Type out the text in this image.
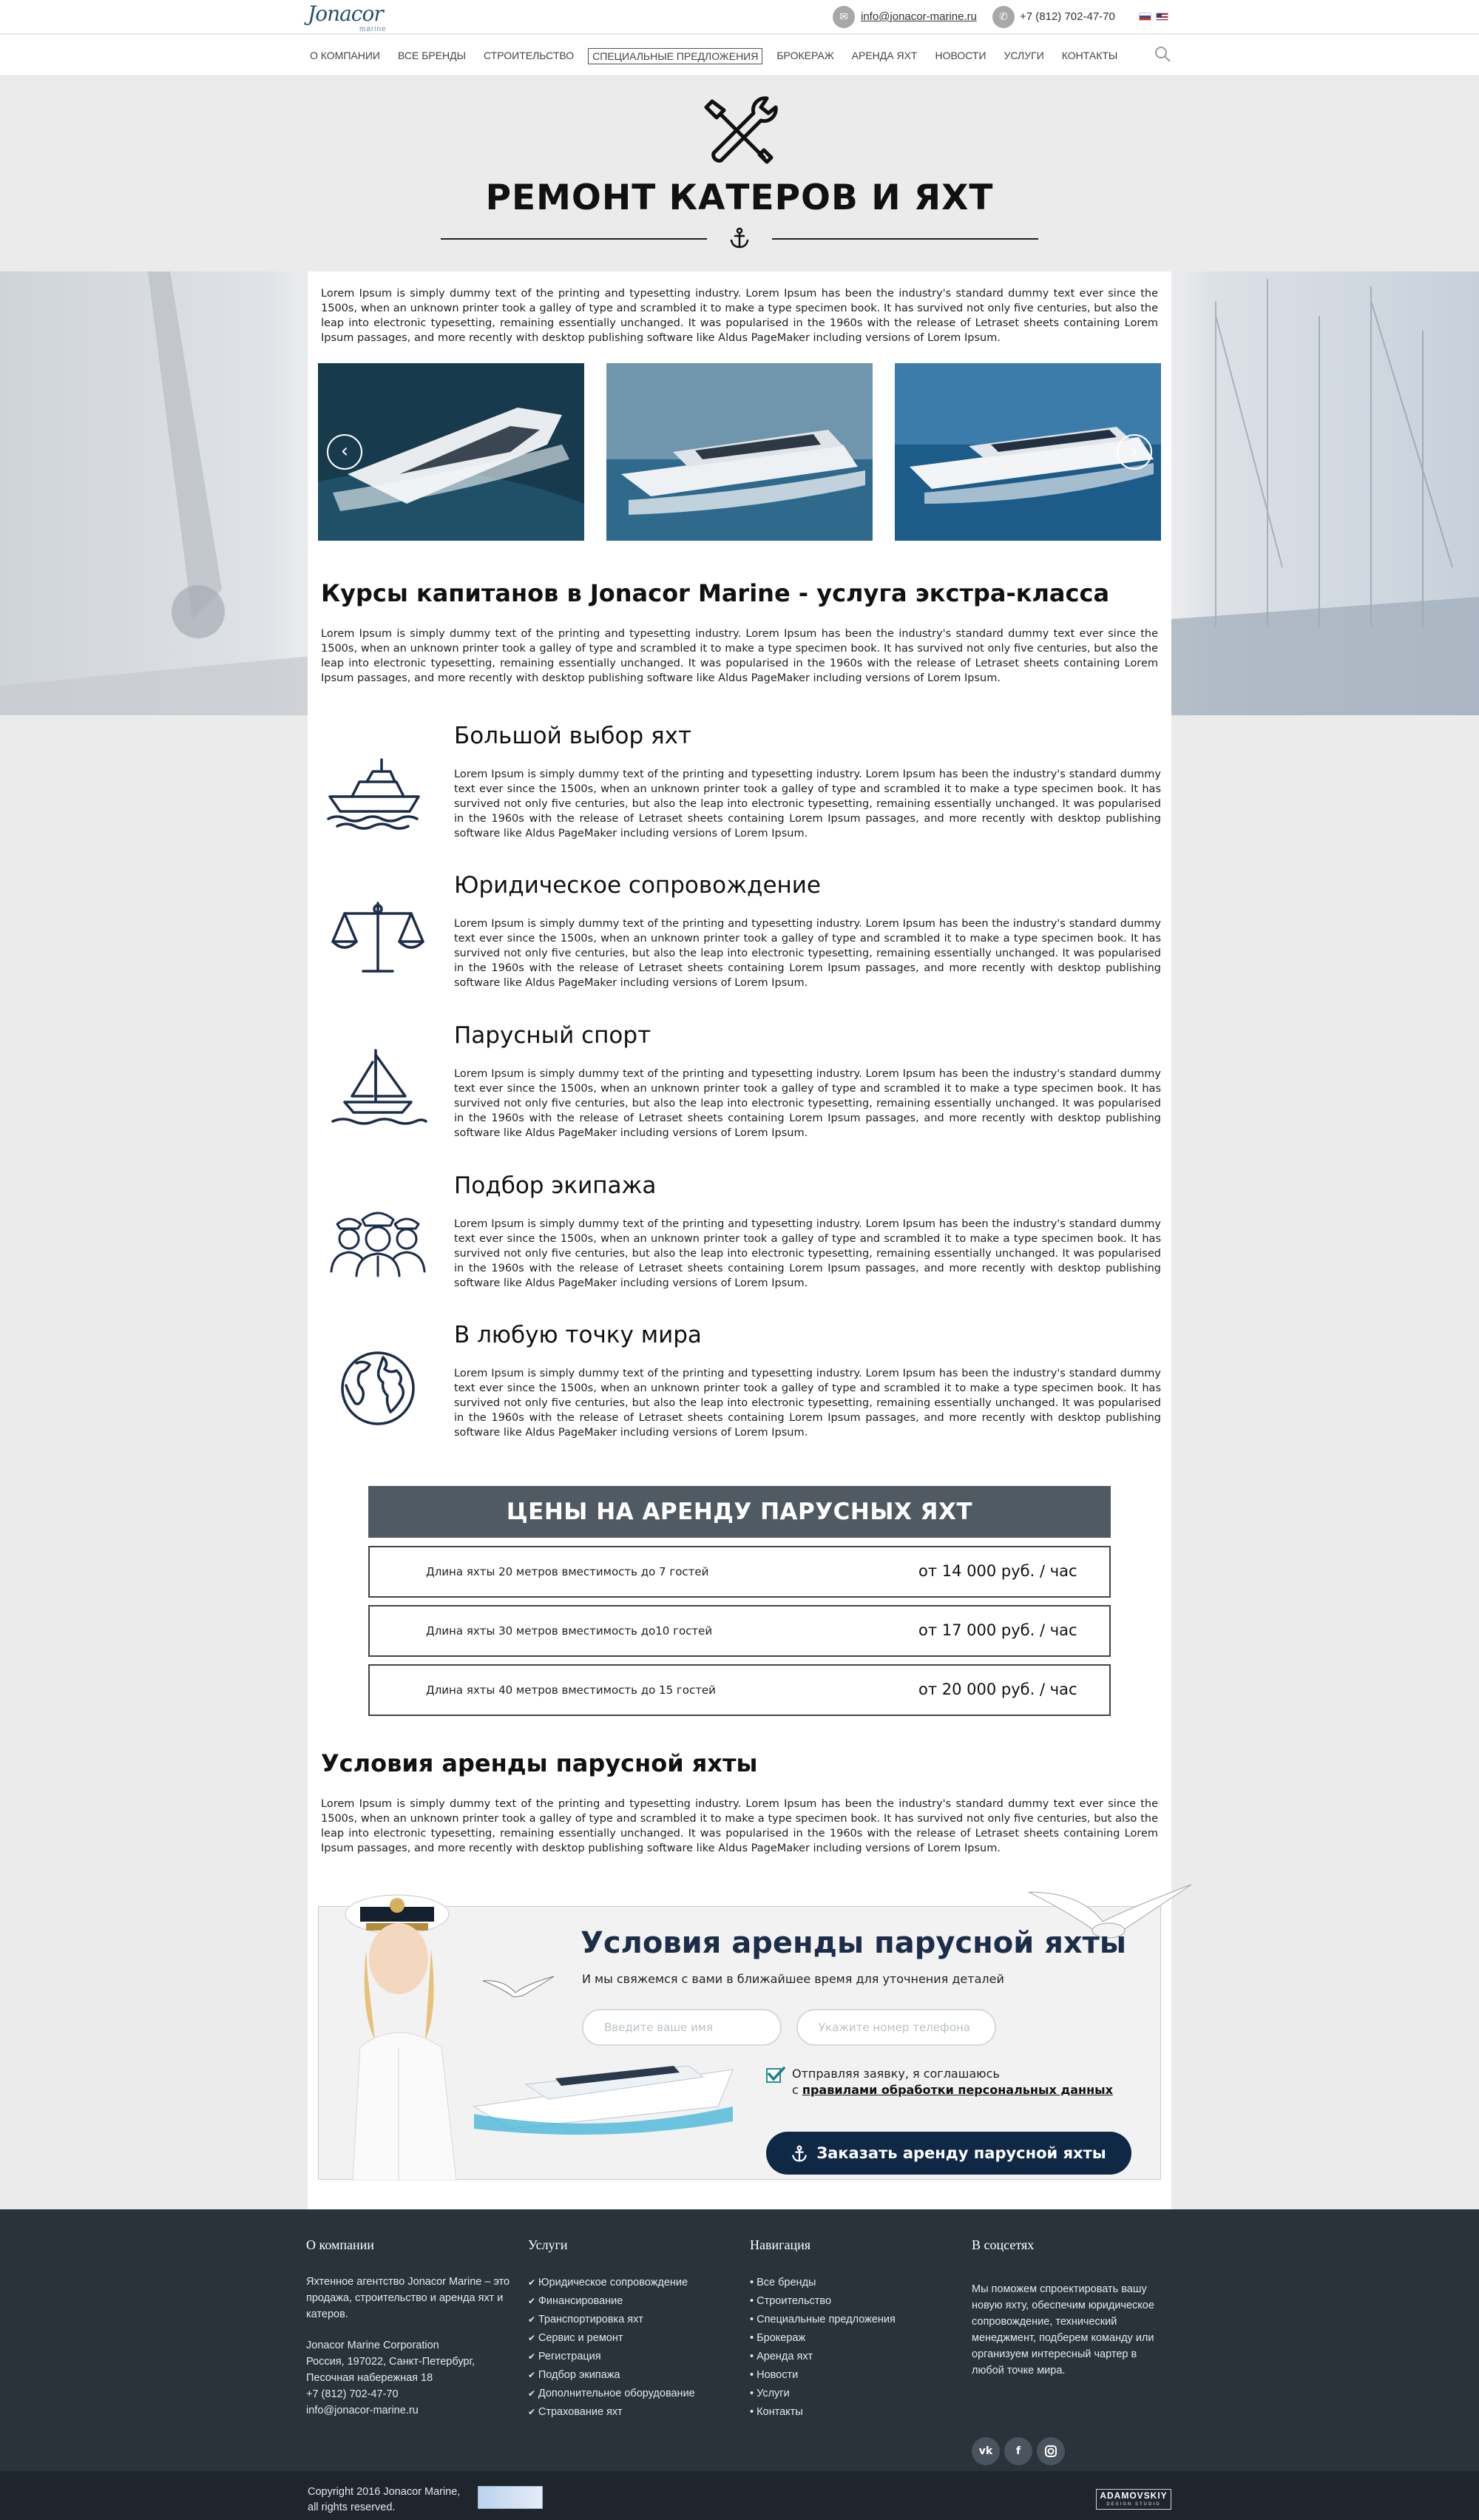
Jonacor
marine
✉	info@jonacor-marine.ru	✆	+7 (812) 702-47-70
О КОМПАНИИ	ВСЕ БРЕНДЫ	СТРОИТЕЛЬСТВО	СПЕЦИАЛЬНЫЕ ПРЕДЛОЖЕНИЯ	БРОКЕРАЖ	АРЕНДА ЯХТ	НОВОСТИ	УСЛУГИ	КОНТАКТЫ
РЕМОНТ КАТЕРОВ И ЯХТ

Lorem Ipsum is simply dummy text of the printing and typesetting industry. Lorem Ipsum has been the industry's standard dummy text ever since the 1500s, when an unknown printer took a galley of type and scrambled it to make a type specimen book. It has survived not only five centuries, but also the leap into electronic typesetting, remaining essentially unchanged. It was popularised in the 1960s with the release of Letraset sheets containing Lorem Ipsum passages, and more recently with desktop publishing software like Aldus PageMaker including versions of Lorem Ipsum.

‹	›
Курсы капитанов в Jonacor Marine - услуга экстра-класса

Lorem Ipsum is simply dummy text of the printing and typesetting industry. Lorem Ipsum has been the industry's standard dummy text ever since the 1500s, when an unknown printer took a galley of type and scrambled it to make a type specimen book. It has survived not only five centuries, but also the leap into electronic typesetting, remaining essentially unchanged. It was popularised in the 1960s with the release of Letraset sheets containing Lorem Ipsum passages, and more recently with desktop publishing software like Aldus PageMaker including versions of Lorem Ipsum.

Большой выбор яхт

Lorem Ipsum is simply dummy text of the printing and typesetting industry. Lorem Ipsum has been the industry's standard dummy text ever since the 1500s, when an unknown printer took a galley of type and scrambled it to make a type specimen book. It has survived not only five centuries, but also the leap into electronic typesetting, remaining essentially unchanged. It was popularised in the 1960s with the release of Letraset sheets containing Lorem Ipsum passages, and more recently with desktop publishing software like Aldus PageMaker including versions of Lorem Ipsum.

Юридическое сопровождение

Lorem Ipsum is simply dummy text of the printing and typesetting industry. Lorem Ipsum has been the industry's standard dummy text ever since the 1500s, when an unknown printer took a galley of type and scrambled it to make a type specimen book. It has survived not only five centuries, but also the leap into electronic typesetting, remaining essentially unchanged. It was popularised in the 1960s with the release of Letraset sheets containing Lorem Ipsum passages, and more recently with desktop publishing software like Aldus PageMaker including versions of Lorem Ipsum.

Парусный спорт

Lorem Ipsum is simply dummy text of the printing and typesetting industry. Lorem Ipsum has been the industry's standard dummy text ever since the 1500s, when an unknown printer took a galley of type and scrambled it to make a type specimen book. It has survived not only five centuries, but also the leap into electronic typesetting, remaining essentially unchanged. It was popularised in the 1960s with the release of Letraset sheets containing Lorem Ipsum passages, and more recently with desktop publishing software like Aldus PageMaker including versions of Lorem Ipsum.

Подбор экипажа

Lorem Ipsum is simply dummy text of the printing and typesetting industry. Lorem Ipsum has been the industry's standard dummy text ever since the 1500s, when an unknown printer took a galley of type and scrambled it to make a type specimen book. It has survived not only five centuries, but also the leap into electronic typesetting, remaining essentially unchanged. It was popularised in the 1960s with the release of Letraset sheets containing Lorem Ipsum passages, and more recently with desktop publishing software like Aldus PageMaker including versions of Lorem Ipsum.

В любую точку мира

Lorem Ipsum is simply dummy text of the printing and typesetting industry. Lorem Ipsum has been the industry's standard dummy text ever since the 1500s, when an unknown printer took a galley of type and scrambled it to make a type specimen book. It has survived not only five centuries, but also the leap into electronic typesetting, remaining essentially unchanged. It was popularised in the 1960s with the release of Letraset sheets containing Lorem Ipsum passages, and more recently with desktop publishing software like Aldus PageMaker including versions of Lorem Ipsum.

ЦЕНЫ НА АРЕНДУ ПАРУСНЫХ ЯХТ
Длина яхты 20 метров вместимость до 7 гостей	от 14 000 руб. / час
Длина яхты 30 метров вместимость до10 гостей	от 17 000 руб. / час
Длина яхты 40 метров вместимость до 15 гостей	от 20 000 руб. / час
Условия аренды парусной яхты

Lorem Ipsum is simply dummy text of the printing and typesetting industry. Lorem Ipsum has been the industry's standard dummy text ever since the 1500s, when an unknown printer took a galley of type and scrambled it to make a type specimen book. It has survived not only five centuries, but also the leap into electronic typesetting, remaining essentially unchanged. It was popularised in the 1960s with the release of Letraset sheets containing Lorem Ipsum passages, and more recently with desktop publishing software like Aldus PageMaker including versions of Lorem Ipsum.

Условия аренды парусной яхты
И мы свяжемся с вами в ближайшее время для уточнения деталей
Введите ваше имя
Укажите номер телефона
Отправляя заявку, я соглашаюсь
с правилами обработки персональных данных
Заказать аренду парусной яхты
О компании

Яхтенное агентство Jonacor Marine – это продажа, строительство и аренда яхт и катеров.

Jonacor Marine Corporation

Россия, 197022, Санкт-Петербург,

Песочная набережная 18

+7 (812) 702-47-70

info@jonacor-marine.ru

Услуги
✔ Юридическое сопровождение
✔ Финансирование
✔ Транспортировка яхт
✔ Сервис и ремонт
✔ Регистрация
✔ Подбор экипажа
✔ Дополнительное оборудование
✔ Страхование яхт
Навигация
• Все бренды
• Строительство
• Специальные предложения
• Брокераж
• Аренда яхт
• Новости
• Услуги
• Контакты
В соцсетях

Мы поможем спроектировать вашу новую яхту, обеспечим юридическое сопровождение, технический менеджмент, подберем команду или организуем интересный чартер в любой точке мира.

vk	f
Copyright 2016 Jonacor Marine,
all rights reserved.
ADAMOVSKIY
DESIGN STUDIO
